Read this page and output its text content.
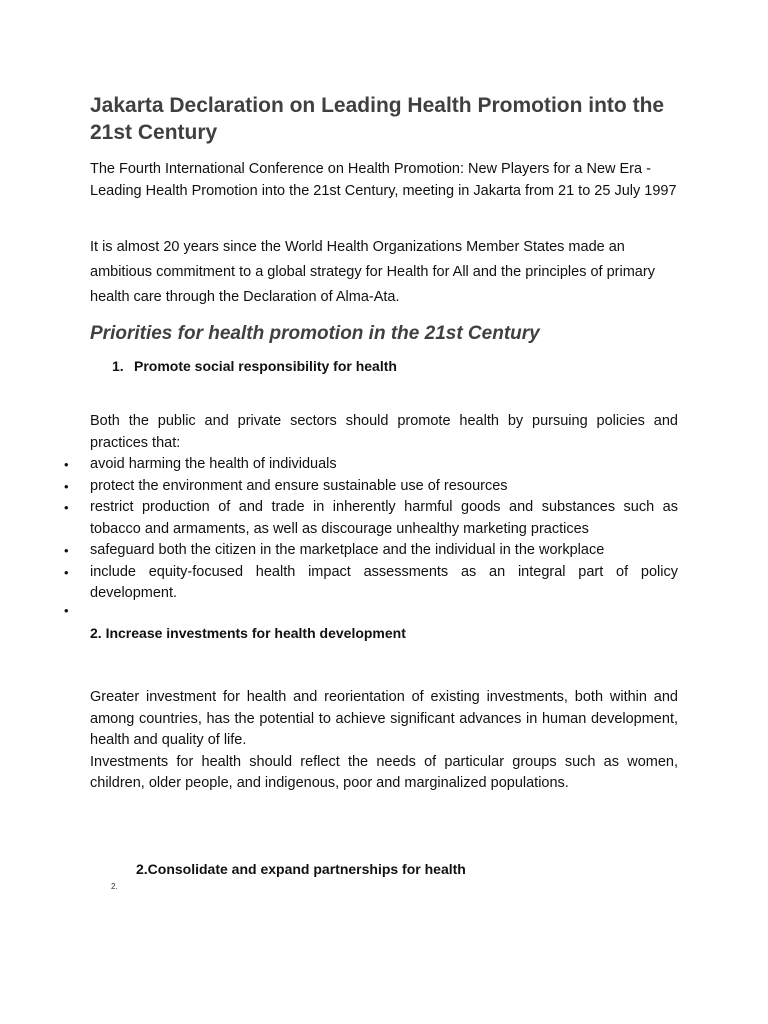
Jakarta Declaration on Leading Health Promotion into the 21st Century

The Fourth International Conference on Health Promotion: New Players for a New Era - Leading Health Promotion into the 21st Century, meeting in Jakarta from 21 to 25 July 1997

It is almost 20 years since the World Health Organizations Member States made an ambitious commitment to a global strategy for Health for All and the principles of primary health care through the Declaration of Alma-Ata.

Priorities for health promotion in the 21st Century
1. Promote social responsibility for health

Both the public and private sectors should promote health by pursuing policies and practices that:

• avoid harming the health of individuals
• protect the environment and ensure sustainable use of resources
• restrict production of and trade in inherently harmful goods and substances such as tobacco and armaments, as well as discourage unhealthy marketing practices
• safeguard both the citizen in the marketplace and the individual in the workplace
• include equity-focused health impact assessments as an integral part of policy development.
•
2. Increase investments for health development
Greater investment for health and reorientation of existing investments, both within and among countries, has the potential to achieve significant advances in human development, health and quality of life.
Investments for health should reflect the needs of particular groups such as women, children, older people, and indigenous, poor and marginalized populations.
2.Consolidate and expand partnerships for health

2.
